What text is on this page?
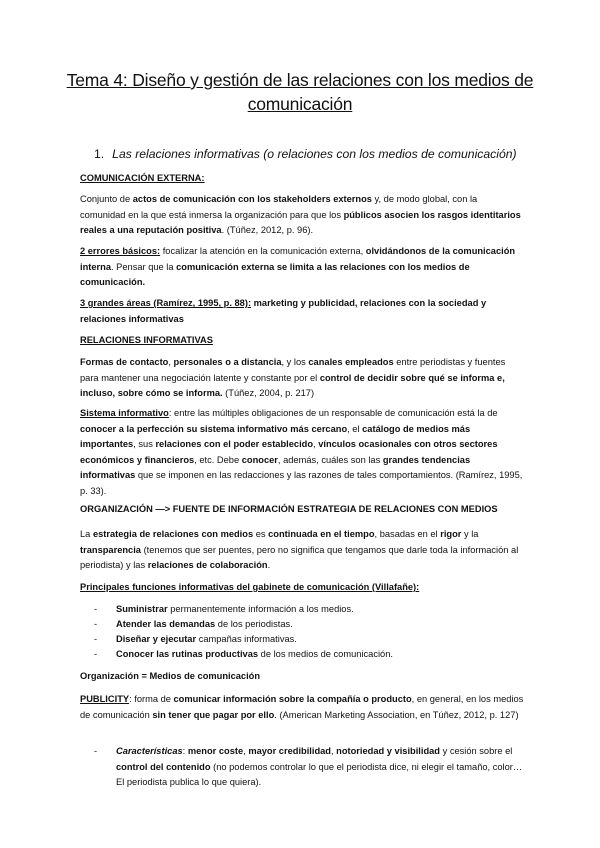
Tema 4: Diseño y gestión de las relaciones con los medios de comunicación
1. Las relaciones informativas (o relaciones con los medios de comunicación)
COMUNICACIÓN EXTERNA:
Conjunto de actos de comunicación con los stakeholders externos y, de modo global, con la comunidad en la que está inmersa la organización para que los públicos asocien los rasgos identitarios reales a una reputación positiva. (Túñez, 2012, p. 96).
2 errores básicos: focalizar la atención en la comunicación externa, olvidándonos de la comunicación interna. Pensar que la comunicación externa se limita a las relaciones con los medios de comunicación.
3 grandes áreas (Ramírez, 1995, p. 88): marketing y publicidad, relaciones con la sociedad y relaciones informativas
RELACIONES INFORMATIVAS
Formas de contacto, personales o a distancia, y los canales empleados entre periodistas y fuentes para mantener una negociación latente y constante por el control de decidir sobre qué se informa e, incluso, sobre cómo se informa. (Túñez, 2004, p. 217)
Sistema informativo: entre las múltiples obligaciones de un responsable de comunicación está la de conocer a la perfección su sistema informativo más cercano, el catálogo de medios más importantes, sus relaciones con el poder establecido, vínculos ocasionales con otros sectores económicos y financieros, etc. Debe conocer, además, cuáles son las grandes tendencias informativas que se imponen en las redacciones y las razones de tales comportamientos. (Ramírez, 1995, p. 33).
ORGANIZACIÓN —> FUENTE DE INFORMACIÓN ESTRATEGIA DE RELACIONES CON MEDIOS
La estrategia de relaciones con medios es continuada en el tiempo, basadas en el rigor y la transparencia (tenemos que ser puentes, pero no significa que tengamos que darle toda la información al periodista) y las relaciones de colaboración.
Principales funciones informativas del gabinete de comunicación (Villafañe):
- Suministrar permanentemente información a los medios.
- Atender las demandas de los periodistas.
- Diseñar y ejecutar campañas informativas.
- Conocer las rutinas productivas de los medios de comunicación.
Organización = Medios de comunicación
PUBLICITY: forma de comunicar información sobre la compañía o producto, en general, en los medios de comunicación sin tener que pagar por ello. (American Marketing Association, en Túñez, 2012, p. 127)
- Características: menor coste, mayor credibilidad, notoriedad y visibilidad y cesión sobre el control del contenido (no podemos controlar lo que el periodista dice, ni elegir el tamaño, color… El periodista publica lo que quiera).
